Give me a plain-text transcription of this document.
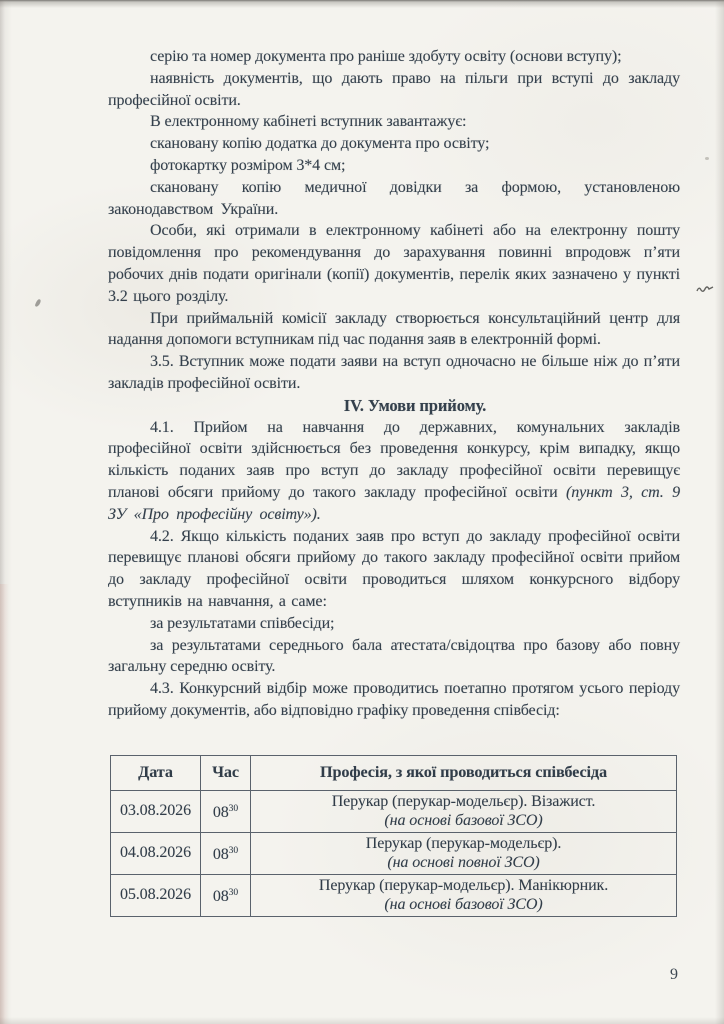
серію та номер документа про раніше здобуту освіту (основи вступу);

наявність документів, що дають право на пільги при вступі до закладу професійної освіти.

В електронному кабінеті вступник завантажує:

скановану копію додатка до документа про освіту;

фотокартку розміром 3*4 см;

скановану копію медичної довідки за формою, установленою законодавством України.

Особи, які отримали в електронному кабінеті або на електронну пошту повідомлення про рекомендування до зарахування повинні впродовж п’яти робочих днів подати оригінали (копії) документів, перелік яких зазначено у пункті 3.2 цього розділу.

При приймальній комісії закладу створюється консультаційний центр для надання допомоги вступникам під час подання заяв в електронній формі.

3.5. Вступник може подати заяви на вступ одночасно не більше ніж до п’яти закладів професійної освіти.

IV. Умови прийому.

4.1. Прийом на навчання до державних, комунальних закладів професійної освіти здійснюється без проведення конкурсу, крім випадку, якщо кількість поданих заяв про вступ до закладу професійної освіти перевищує планові обсяги прийому до такого закладу професійної освіти (пункт 3, ст. 9 ЗУ «Про професійну освіту»).

4.2. Якщо кількість поданих заяв про вступ до закладу професійної освіти перевищує планові обсяги прийому до такого закладу професійної освіти прийом до закладу професійної освіти проводиться шляхом конкурсного відбору вступників на навчання, а саме:

за результатами співбесіди;

за результатами середнього бала атестата/свідоцтва про базову або повну загальну середню освіту.

4.3. Конкурсний відбір може проводитись поетапно протягом усього періоду прийому документів, або відповідно графіку проведення співбесід:

Дата	Час	Професія, з якої проводиться співбесіда
03.08.2026	$08^{30}$	Перукар (перукар-модельєр). Візажист.
(на основі базової ЗСО)

04.08.2026	$08^{30}$	Перукар (перукар-модельєр).
(на основі повної ЗСО)

05.08.2026	$08^{30}$	Перукар (перукар-модельєр). Манікюрник.
(на основі базової ЗСО)
9
